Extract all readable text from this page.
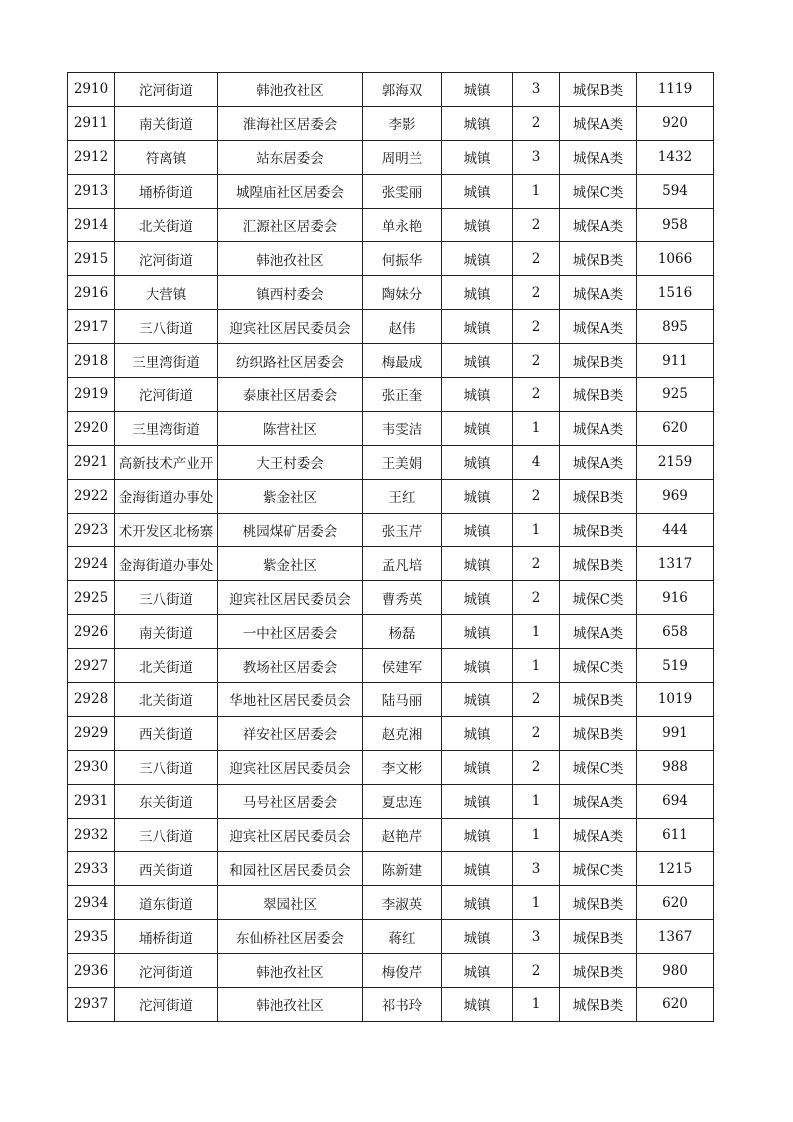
2910	沱河街道	韩池孜社区	郭海双	城镇	3	城保B类	1119
2911	南关街道	淮海社区居委会	李影	城镇	2	城保A类	920
2912	符离镇	站东居委会	周明兰	城镇	3	城保A类	1432
2913	埇桥街道	城隍庙社区居委会	张雯丽	城镇	1	城保C类	594
2914	北关街道	汇源社区居委会	单永艳	城镇	2	城保A类	958
2915	沱河街道	韩池孜社区	何振华	城镇	2	城保B类	1066
2916	大营镇	镇西村委会	陶妹分	城镇	2	城保A类	1516
2917	三八街道	迎宾社区居民委员会	赵伟	城镇	2	城保A类	895
2918	三里湾街道	纺织路社区居委会	梅最成	城镇	2	城保B类	911
2919	沱河街道	泰康社区居委会	张正奎	城镇	2	城保B类	925
2920	三里湾街道	陈营社区	韦雯洁	城镇	1	城保A类	620
2921	高新技术产业开	大王村委会	王美娟	城镇	4	城保A类	2159
2922	金海街道办事处	紫金社区	王红	城镇	2	城保B类	969
2923	术开发区北杨寨	桃园煤矿居委会	张玉芹	城镇	1	城保B类	444
2924	金海街道办事处	紫金社区	孟凡培	城镇	2	城保B类	1317
2925	三八街道	迎宾社区居民委员会	曹秀英	城镇	2	城保C类	916
2926	南关街道	一中社区居委会	杨磊	城镇	1	城保A类	658
2927	北关街道	教场社区居委会	侯建军	城镇	1	城保C类	519
2928	北关街道	华地社区居民委员会	陆马丽	城镇	2	城保B类	1019
2929	西关街道	祥安社区居委会	赵克湘	城镇	2	城保B类	991
2930	三八街道	迎宾社区居民委员会	李文彬	城镇	2	城保C类	988
2931	东关街道	马号社区居委会	夏忠连	城镇	1	城保A类	694
2932	三八街道	迎宾社区居民委员会	赵艳芹	城镇	1	城保A类	611
2933	西关街道	和园社区居民委员会	陈新建	城镇	3	城保C类	1215
2934	道东街道	翠园社区	李淑英	城镇	1	城保B类	620
2935	埇桥街道	东仙桥社区居委会	蒋红	城镇	3	城保B类	1367
2936	沱河街道	韩池孜社区	梅俊芹	城镇	2	城保B类	980
2937	沱河街道	韩池孜社区	祁书玲	城镇	1	城保B类	620
